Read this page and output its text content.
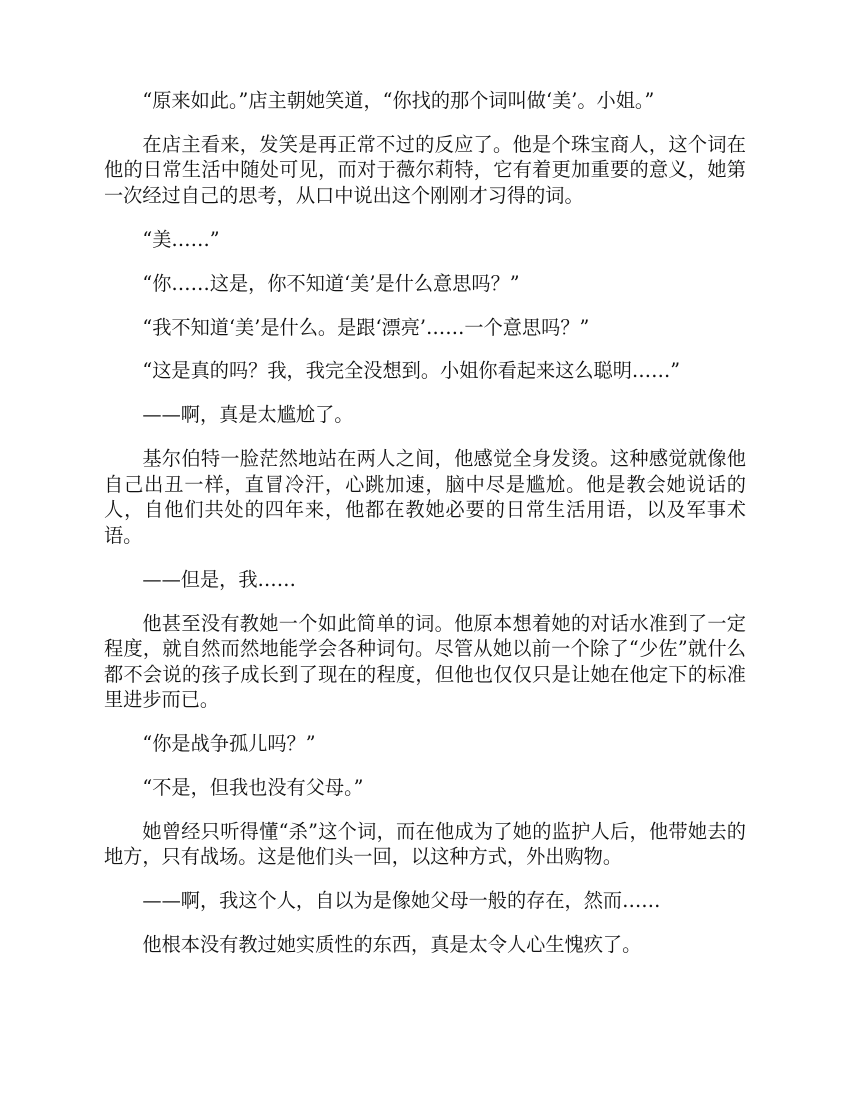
“原来如此。”店主朝她笑道，“你找的那个词叫做‘美’。小姐。”

在店主看来，发笑是再正常不过的反应了。他是个珠宝商人，这个词在他的日常生活中随处可见，而对于薇尔莉特，它有着更加重要的意义，她第一次经过自己的思考，从口中说出这个刚刚才习得的词。

“美……”

“你……这是，你不知道‘美’是什么意思吗？”

“我不知道‘美’是什么。是跟‘漂亮’……一个意思吗？”

“这是真的吗？我，我完全没想到。小姐你看起来这么聪明……”

——啊，真是太尴尬了。

基尔伯特一脸茫然地站在两人之间，他感觉全身发烫。这种感觉就像他自己出丑一样，直冒冷汗，心跳加速，脑中尽是尴尬。他是教会她说话的人，自他们共处的四年来，他都在教她必要的日常生活用语，以及军事术语。

——但是，我……

他甚至没有教她一个如此简单的词。他原本想着她的对话水准到了一定程度，就自然而然地能学会各种词句。尽管从她以前一个除了“少佐”就什么都不会说的孩子成长到了现在的程度，但他也仅仅只是让她在他定下的标准里进步而已。

“你是战争孤儿吗？”

“不是，但我也没有父母。”

她曾经只听得懂“杀”这个词，而在他成为了她的监护人后，他带她去的地方，只有战场。这是他们头一回，以这种方式，外出购物。

——啊，我这个人，自以为是像她父母一般的存在，然而……

他根本没有教过她实质性的东西，真是太令人心生愧疚了。
